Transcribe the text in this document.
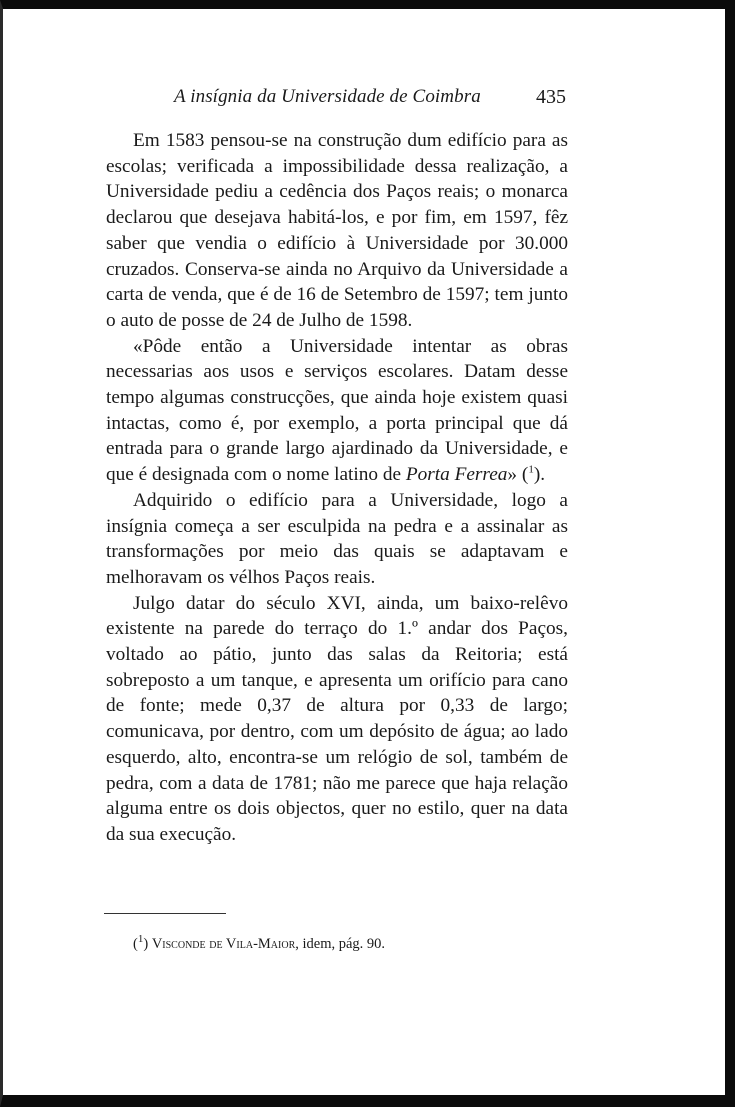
A insígnia da Universidade de Coimbra	435

Em 1583 pensou-se na construção dum edifício para as escolas; verificada a impossibilidade dessa realização, a Universidade pediu a cedência dos Paços reais; o monarca declarou que desejava habitá-los, e por fim, em 1597, fêz saber que vendia o edifício à Universidade por 30.000 cruzados. Conserva-se ainda no Arquivo da Universidade a carta de venda, que é de 16 de Setembro de 1597; tem junto o auto de posse de 24 de Julho de 1598.

«Pôde então a Universidade intentar as obras necessarias aos usos e serviços escolares. Datam desse tempo algumas construcções, que ainda hoje existem quasi intactas, como é, por exemplo, a porta principal que dá entrada para o grande largo ajardinado da Universidade, e que é designada com o nome latino de Porta Ferrea» ($^1$).

Adquirido o edifício para a Universidade, logo a insígnia começa a ser esculpida na pedra e a assinalar as transformações por meio das quais se adaptavam e melhoravam os vélhos Paços reais.

Julgo datar do século XVI, ainda, um baixo-relêvo existente na parede do terraço do 1.º andar dos Paços, voltado ao pátio, junto das salas da Reitoria; está sobreposto a um tanque, e apresenta um orifício para cano de fonte; mede 0,37 de altura por 0,33 de largo; comunicava, por dentro, com um depósito de água; ao lado esquerdo, alto, encontra-se um relógio de sol, também de pedra, com a data de 1781; não me parece que haja relação alguma entre os dois objectos, quer no estilo, quer na data da sua execução.

($^1$) Visconde de Vila-Maior, idem, pág. 90.
